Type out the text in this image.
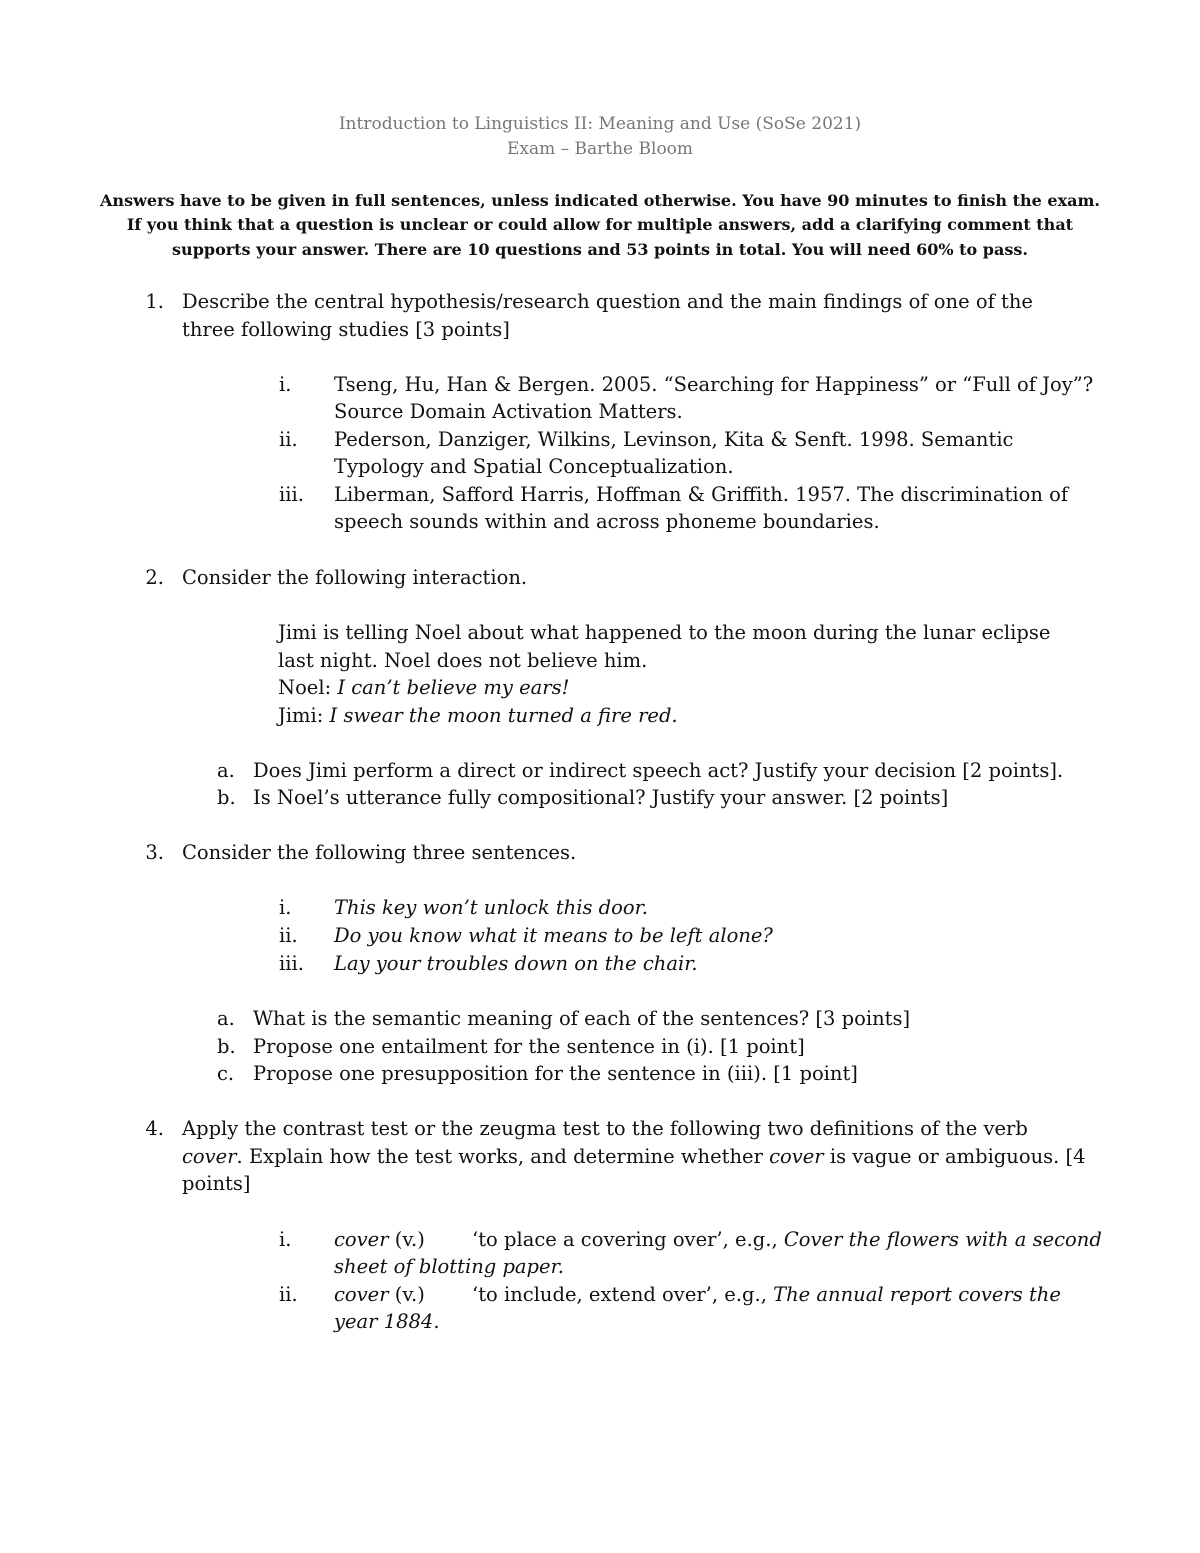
Introduction to Linguistics II: Meaning and Use (SoSe 2021)
Exam – Barthe Bloom
Answers have to be given in full sentences, unless indicated otherwise. You have 90 minutes to finish the exam.
If you think that a question is unclear or could allow for multiple answers, add a clarifying comment that
supports your answer. There are 10 questions and 53 points in total. You will need 60% to pass.
1. Describe the central hypothesis/research question and the main findings of one of the
three following studies [3 points]
i. Tseng, Hu, Han & Bergen. 2005. “Searching for Happiness” or “Full of Joy”?
Source Domain Activation Matters.
ii. Pederson, Danziger, Wilkins, Levinson, Kita & Senft. 1998. Semantic
Typology and Spatial Conceptualization.
iii. Liberman, Safford Harris, Hoffman & Griffith. 1957. The discrimination of
speech sounds within and across phoneme boundaries.
2. Consider the following interaction.
Jimi is telling Noel about what happened to the moon during the lunar eclipse
last night. Noel does not believe him.
Noel: I can’t believe my ears!
Jimi: I swear the moon turned a fire red.
a. Does Jimi perform a direct or indirect speech act? Justify your decision [2 points].
b. Is Noel’s utterance fully compositional? Justify your answer. [2 points]
3. Consider the following three sentences.
i. This key won’t unlock this door.
ii. Do you know what it means to be left alone?
iii. Lay your troubles down on the chair.
a. What is the semantic meaning of each of the sentences? [3 points]
b. Propose one entailment for the sentence in (i). [1 point]
c. Propose one presupposition for the sentence in (iii). [1 point]
4. Apply the contrast test or the zeugma test to the following two definitions of the verb
cover. Explain how the test works, and determine whether cover is vague or ambiguous. [4
points]
i. cover (v.) ‘to place a covering over’, e.g., Cover the flowers with a second
sheet of blotting paper.
ii. cover (v.) ‘to include, extend over’, e.g., The annual report covers the
year 1884.
